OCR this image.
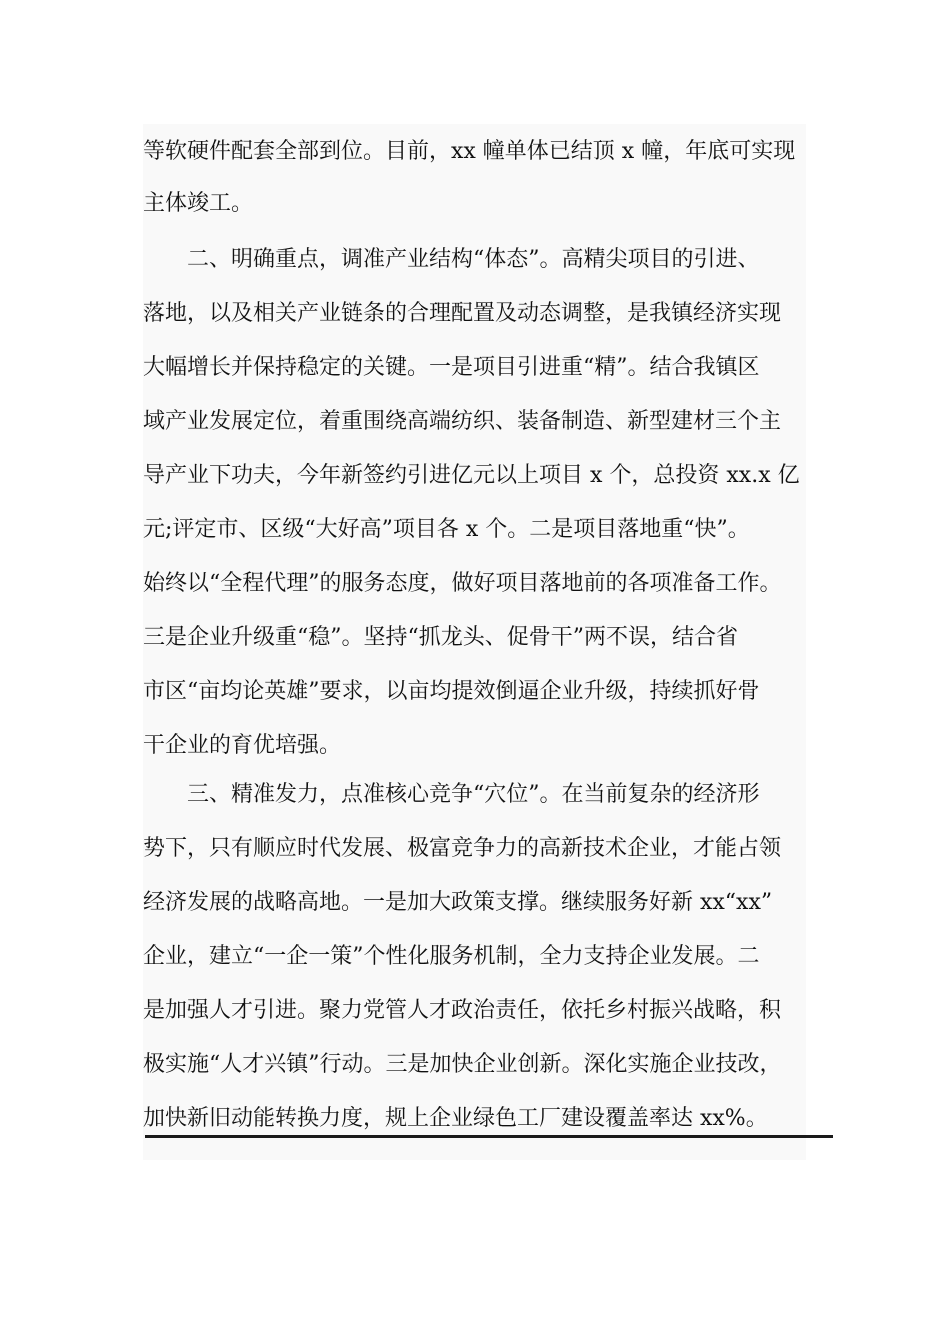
等软硬件配套全部到位。目前，xx 幢单体已结顶 x 幢，年底可实现
主体竣工。
二、明确重点，调准产业结构“体态”。高精尖项目的引进、
落地，以及相关产业链条的合理配置及动态调整，是我镇经济实现
大幅增长并保持稳定的关键。一是项目引进重“精”。结合我镇区
域产业发展定位，着重围绕高端纺织、装备制造、新型建材三个主
导产业下功夫，今年新签约引进亿元以上项目 x 个，总投资 xx.x 亿
元;评定市、区级“大好高”项目各 x 个。二是项目落地重“快”。
始终以“全程代理”的服务态度，做好项目落地前的各项准备工作。
三是企业升级重“稳”。坚持“抓龙头、促骨干”两不误，结合省
市区“亩均论英雄”要求，以亩均提效倒逼企业升级，持续抓好骨
干企业的育优培强。
三、精准发力，点准核心竞争“穴位”。在当前复杂的经济形
势下，只有顺应时代发展、极富竞争力的高新技术企业，才能占领
经济发展的战略高地。一是加大政策支撑。继续服务好新 xx“xx”
企业，建立“一企一策”个性化服务机制，全力支持企业发展。二
是加强人才引进。聚力党管人才政治责任，依托乡村振兴战略，积
极实施“人才兴镇”行动。三是加快企业创新。深化实施企业技改，
加快新旧动能转换力度，规上企业绿色工厂建设覆盖率达 xx%。
